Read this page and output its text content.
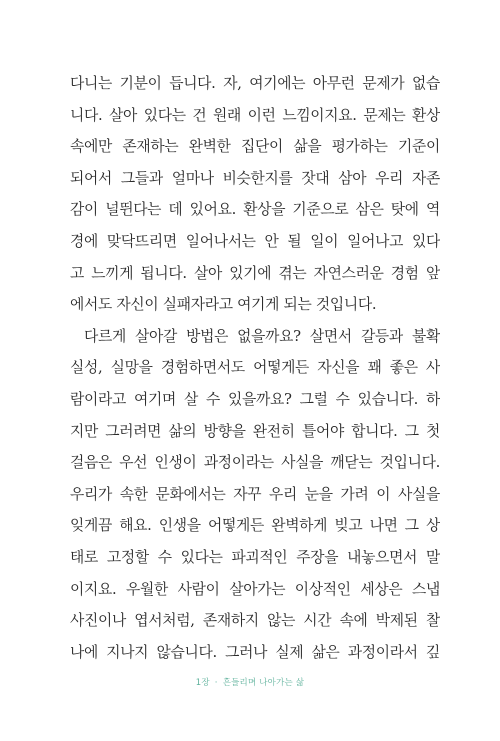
다니는 기분이 듭니다. 자, 여기에는 아무런 문제가 없습
니다. 살아 있다는 건 원래 이런 느낌이지요. 문제는 환상
속에만 존재하는 완벽한 집단이 삶을 평가하는 기준이
되어서 그들과 얼마나 비슷한지를 잣대 삼아 우리 자존
감이 널뛴다는 데 있어요. 환상을 기준으로 삼은 탓에 역
경에 맞닥뜨리면 일어나서는 안 될 일이 일어나고 있다
고 느끼게 됩니다. 살아 있기에 겪는 자연스러운 경험 앞
에서도 자신이 실패자라고 여기게 되는 것입니다.
다르게 살아갈 방법은 없을까요? 살면서 갈등과 불확
실성, 실망을 경험하면서도 어떻게든 자신을 꽤 좋은 사
람이라고 여기며 살 수 있을까요? 그럴 수 있습니다. 하
지만 그러려면 삶의 방향을 완전히 틀어야 합니다. 그 첫
걸음은 우선 인생이 과정이라는 사실을 깨닫는 것입니다.
우리가 속한 문화에서는 자꾸 우리 눈을 가려 이 사실을
잊게끔 해요. 인생을 어떻게든 완벽하게 빚고 나면 그 상
태로 고정할 수 있다는 파괴적인 주장을 내놓으면서 말
이지요. 우월한 사람이 살아가는 이상적인 세상은 스냅
사진이나 엽서처럼, 존재하지 않는 시간 속에 박제된 찰
나에 지나지 않습니다. 그러나 실제 삶은 과정이라서 깊
1장 · 흔들리며 나아가는 삶
